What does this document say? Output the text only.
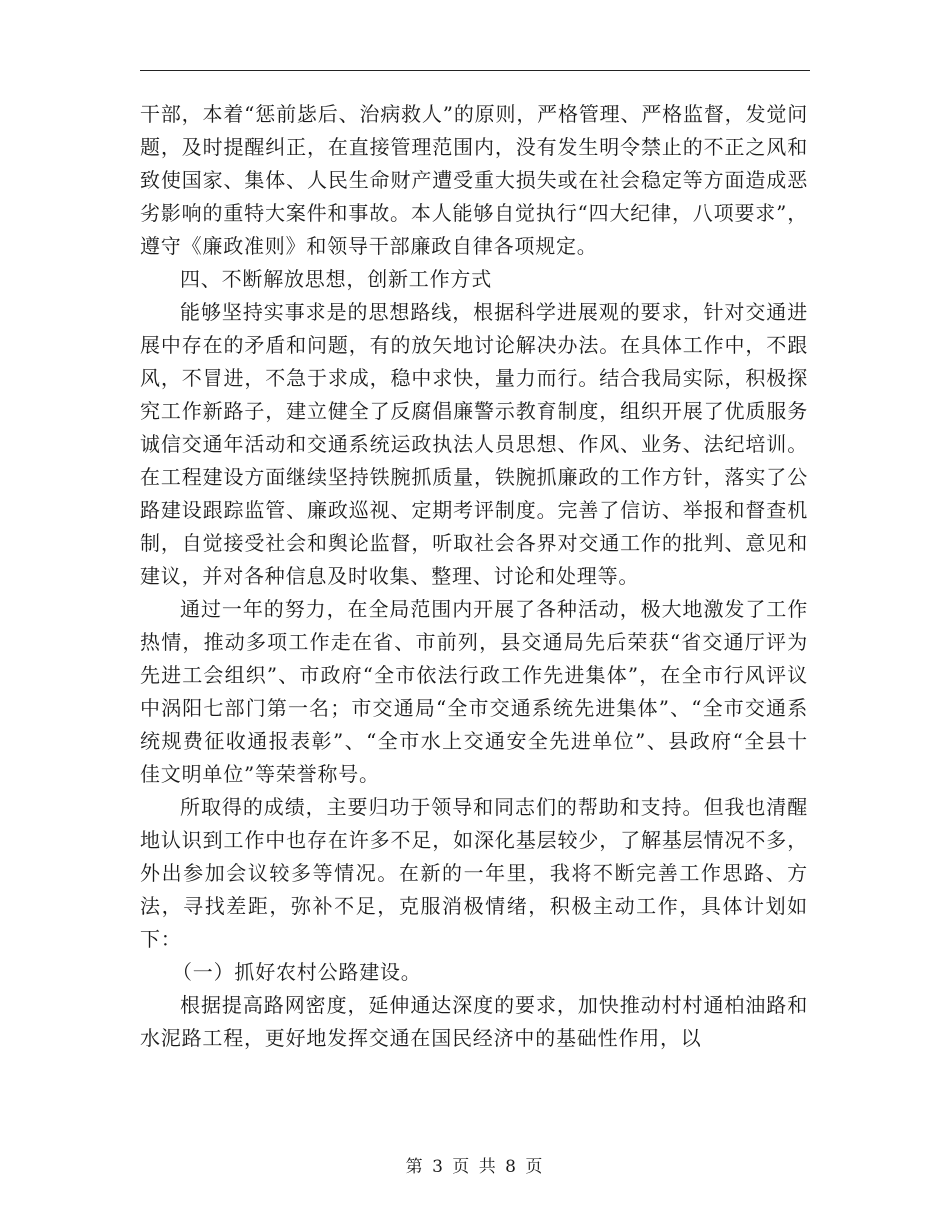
干部，本着“惩前毖后、治病救人”的原则，严格管理、严格监督，发觉问题，及时提醒纠正，在直接管理范围内，没有发生明令禁止的不正之风和致使国家、集体、人民生命财产遭受重大损失或在社会稳定等方面造成恶劣影响的重特大案件和事故。本人能够自觉执行“四大纪律，八项要求”，遵守《廉政准则》和领导干部廉政自律各项规定。

四、不断解放思想，创新工作方式

能够坚持实事求是的思想路线，根据科学进展观的要求，针对交通进展中存在的矛盾和问题，有的放矢地讨论解决办法。在具体工作中，不跟风，不冒进，不急于求成，稳中求快，量力而行。结合我局实际，积极探究工作新路子，建立健全了反腐倡廉警示教育制度，组织开展了优质服务诚信交通年活动和交通系统运政执法人员思想、作风、业务、法纪培训。在工程建设方面继续坚持铁腕抓质量，铁腕抓廉政的工作方针，落实了公路建设跟踪监管、廉政巡视、定期考评制度。完善了信访、举报和督查机制，自觉接受社会和舆论监督，听取社会各界对交通工作的批判、意见和建议，并对各种信息及时收集、整理、讨论和处理等。

通过一年的努力，在全局范围内开展了各种活动，极大地激发了工作热情，推动多项工作走在省、市前列，县交通局先后荣获“省交通厅评为先进工会组织”、市政府“全市依法行政工作先进集体”，在全市行风评议中涡阳七部门第一名；市交通局“全市交通系统先进集体”、“全市交通系统规费征收通报表彰”、“全市水上交通安全先进单位”、县政府“全县十佳文明单位”等荣誉称号。

所取得的成绩，主要归功于领导和同志们的帮助和支持。但我也清醒地认识到工作中也存在许多不足，如深化基层较少，了解基层情况不多，外出参加会议较多等情况。在新的一年里，我将不断完善工作思路、方法，寻找差距，弥补不足，克服消极情绪，积极主动工作，具体计划如下：

（一）抓好农村公路建设。

根据提高路网密度，延伸通达深度的要求，加快推动村村通柏油路和水泥路工程，更好地发挥交通在国民经济中的基础性作用，以

第 3 页 共 8 页
